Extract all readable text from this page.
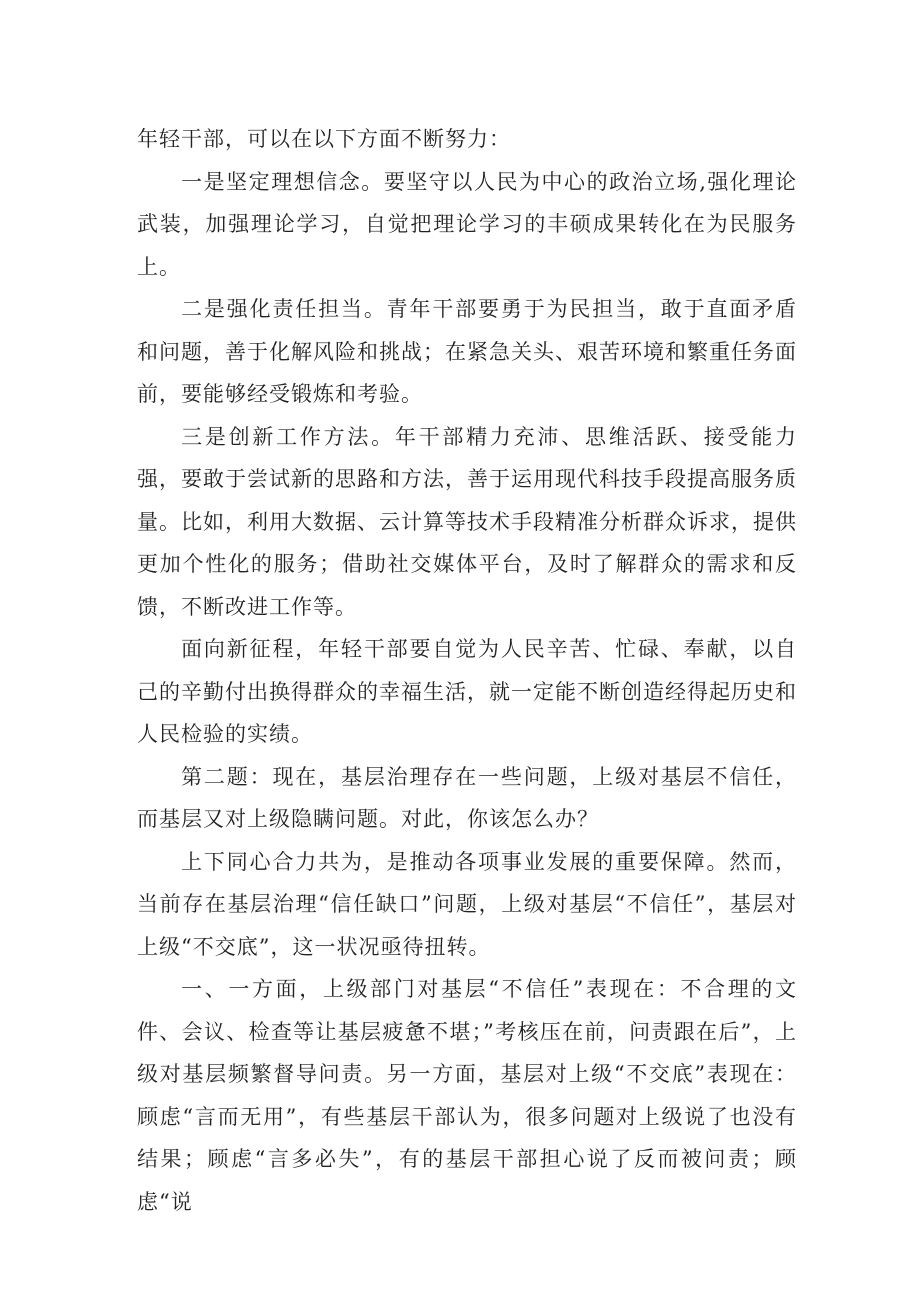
年轻干部，可以在以下方面不断努力：

一是坚定理想信念。要坚守以人民为中心的政治立场,强化理论武装，加强理论学习，自觉把理论学习的丰硕成果转化在为民服务上。

二是强化责任担当。青年干部要勇于为民担当，敢于直面矛盾和问题，善于化解风险和挑战；在紧急关头、艰苦环境和繁重任务面前，要能够经受锻炼和考验。

三是创新工作方法。年干部精力充沛、思维活跃、接受能力强，要敢于尝试新的思路和方法，善于运用现代科技手段提高服务质量。比如，利用大数据、云计算等技术手段精准分析群众诉求，提供更加个性化的服务；借助社交媒体平台，及时了解群众的需求和反馈，不断改进工作等。

面向新征程，年轻干部要自觉为人民辛苦、忙碌、奉献，以自己的辛勤付出换得群众的幸福生活，就一定能不断创造经得起历史和人民检验的实绩。

第二题：现在，基层治理存在一些问题，上级对基层不信任，而基层又对上级隐瞒问题。对此，你该怎么办？

上下同心合力共为，是推动各项事业发展的重要保障。然而，当前存在基层治理“信任缺口”问题，上级对基层“不信任”，基层对上级“不交底”，这一状况亟待扭转。

一、一方面，上级部门对基层“不信任”表现在：不合理的文件、会议、检查等让基层疲惫不堪；”考核压在前，问责跟在后”，上级对基层频繁督导问责。另一方面，基层对上级“不交底”表现在：顾虑“言而无用”，有些基层干部认为，很多问题对上级说了也没有结果；顾虑“言多必失”，有的基层干部担心说了反而被问责；顾虑“说
